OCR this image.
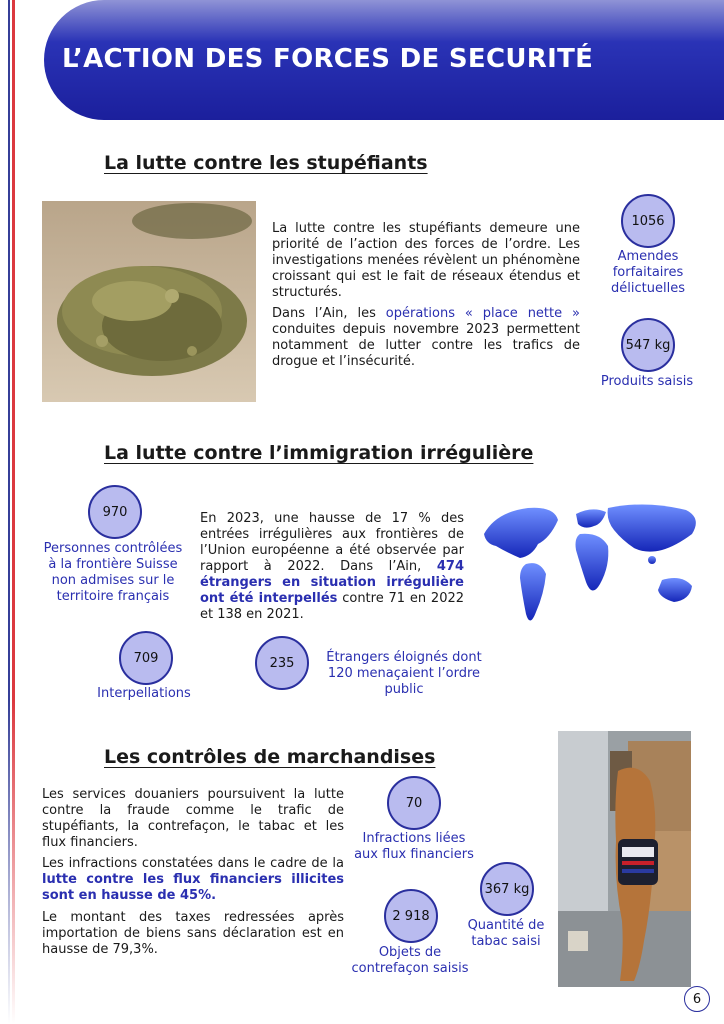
L’ACTION DES FORCES DE SECURITÉ
La lutte contre les stupéfiants

La lutte contre les stupéfiants demeure une priorité de l’action des forces de l’ordre. Les investigations menées révèlent un phénomène croissant qui est le fait de réseaux étendus et structurés.

Dans l’Ain, les opérations « place nette » conduites depuis novembre 2023 permettent notamment de lutter contre les trafics de drogue et l’insécurité.

1056
Amendes forfaitaires délictuelles
547 kg
Produits saisis
La lutte contre l’immigration irrégulière
970
Personnes contrôlées à la frontière Suisse non admises sur le territoire français

En 2023, une hausse de 17 % des entrées irrégulières aux frontières de l’Union européenne a été observée par rapport à 2022. Dans l’Ain, 474 étrangers en situation irrégulière ont été interpellés contre 71 en 2022 et 138 en 2021.

709
Interpellations
235	Étrangers éloignés dont 120 menaçaient l’ordre public
Les contrôles de marchandises

Les services douaniers poursuivent la lutte contre la fraude comme le trafic de stupéfiants, la contrefaçon, le tabac et les flux financiers.

Les infractions constatées dans le cadre de la lutte contre les flux financiers illicites sont en hausse de 45%.

Le montant des taxes redressées après importation de biens sans déclaration est en hausse de 79,3%.

70
Infractions liées aux flux financiers
367 kg
Quantité de tabac saisi
2 918
Objets de contrefaçon saisis
6
